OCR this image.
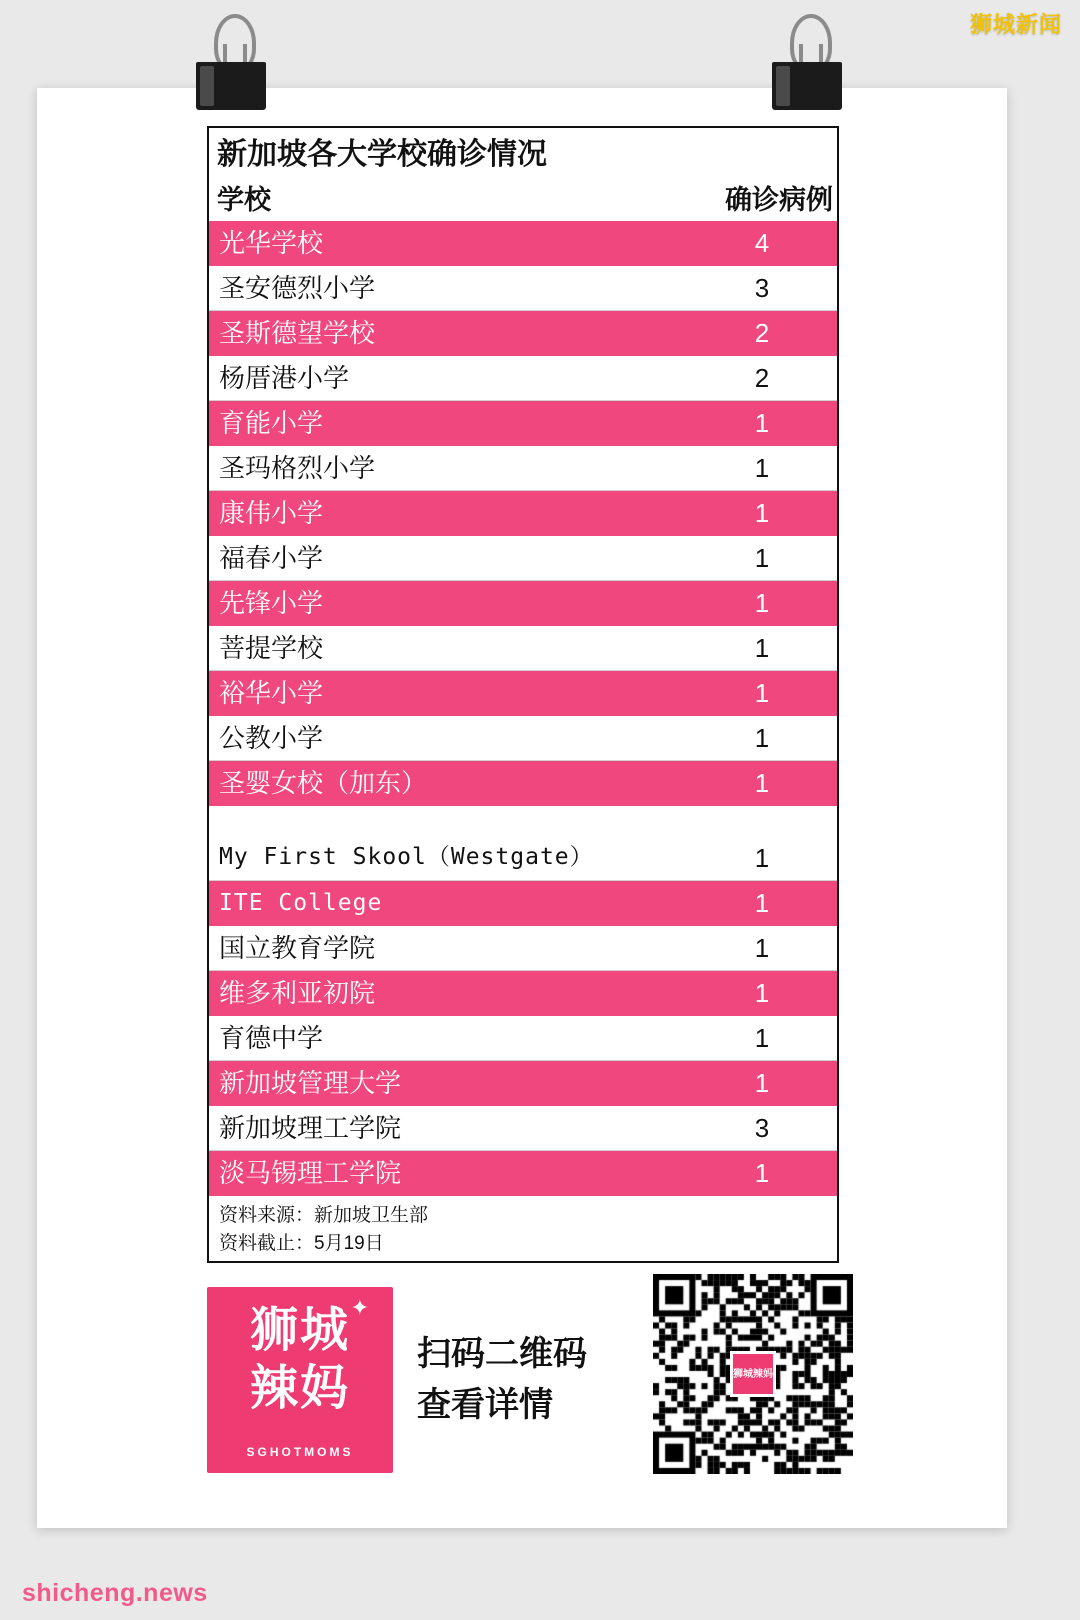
狮城新闻
新加坡各大学校确诊情况
学校	确诊病例
光华学校	4
圣安德烈小学	3
圣斯德望学校	2
杨厝港小学	2
育能小学	1
圣玛格烈小学	1
康伟小学	1
福春小学	1
先锋小学	1
菩提学校	1
裕华小学	1
公教小学	1
圣婴女校（加东）	1
My First Skool（Westgate）	1
ITE College	1
国立教育学院	1
维多利亚初院	1
育德中学	1
新加坡管理大学	1
新加坡理工学院	3
淡马锡理工学院	1
资料来源：新加坡卫生部
资料截止：5月19日
✦
狮城
辣妈
SGHOTMOMS
扫码二维码
查看详情
狮城辣妈
shicheng.news
